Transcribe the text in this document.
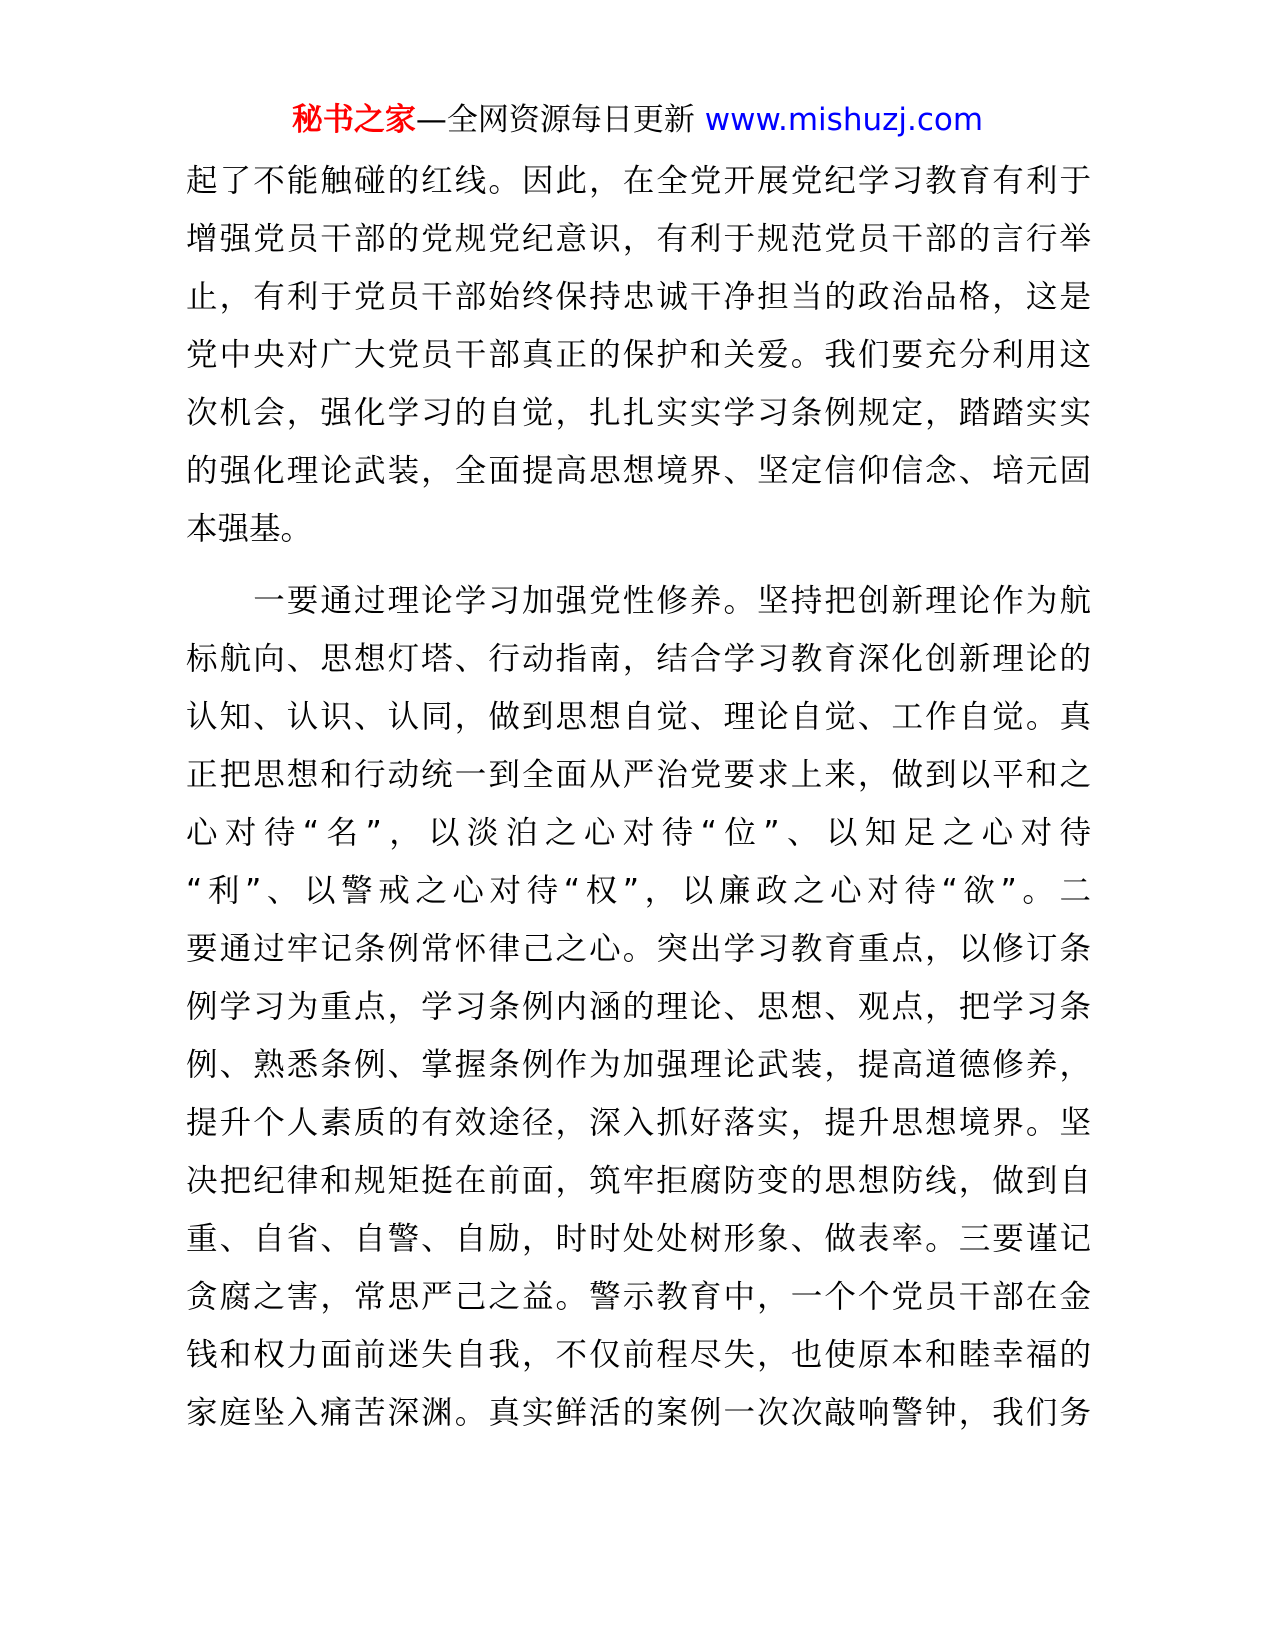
秘书之家—全网资源每日更新 www.mishuzj.com

起了不能触碰的红线。因此，在全党开展党纪学习教育有利于
增强党员干部的党规党纪意识，有利于规范党员干部的言行举
止，有利于党员干部始终保持忠诚干净担当的政治品格，这是
党中央对广大党员干部真正的保护和关爱。我们要充分利用这
次机会，强化学习的自觉，扎扎实实学习条例规定，踏踏实实
的强化理论武装，全面提高思想境界、坚定信仰信念、培元固
本强基。

　　一要通过理论学习加强党性修养。坚持把创新理论作为航
标航向、思想灯塔、行动指南，结合学习教育深化创新理论的
认知、认识、认同，做到思想自觉、理论自觉、工作自觉。真
正把思想和行动统一到全面从严治党要求上来，做到以平和之
心对待“名”，以淡泊之心对待“位”、以知足之心对待
“利”、以警戒之心对待“权”，以廉政之心对待“欲”。二
要通过牢记条例常怀律己之心。突出学习教育重点，以修订条
例学习为重点，学习条例内涵的理论、思想、观点，把学习条
例、熟悉条例、掌握条例作为加强理论武装，提高道德修养，
提升个人素质的有效途径，深入抓好落实，提升思想境界。坚
决把纪律和规矩挺在前面，筑牢拒腐防变的思想防线，做到自
重、自省、自警、自励，时时处处树形象、做表率。三要谨记
贪腐之害，常思严己之益。警示教育中，一个个党员干部在金
钱和权力面前迷失自我，不仅前程尽失，也使原本和睦幸福的
家庭坠入痛苦深渊。真实鲜活的案例一次次敲响警钟，我们务
